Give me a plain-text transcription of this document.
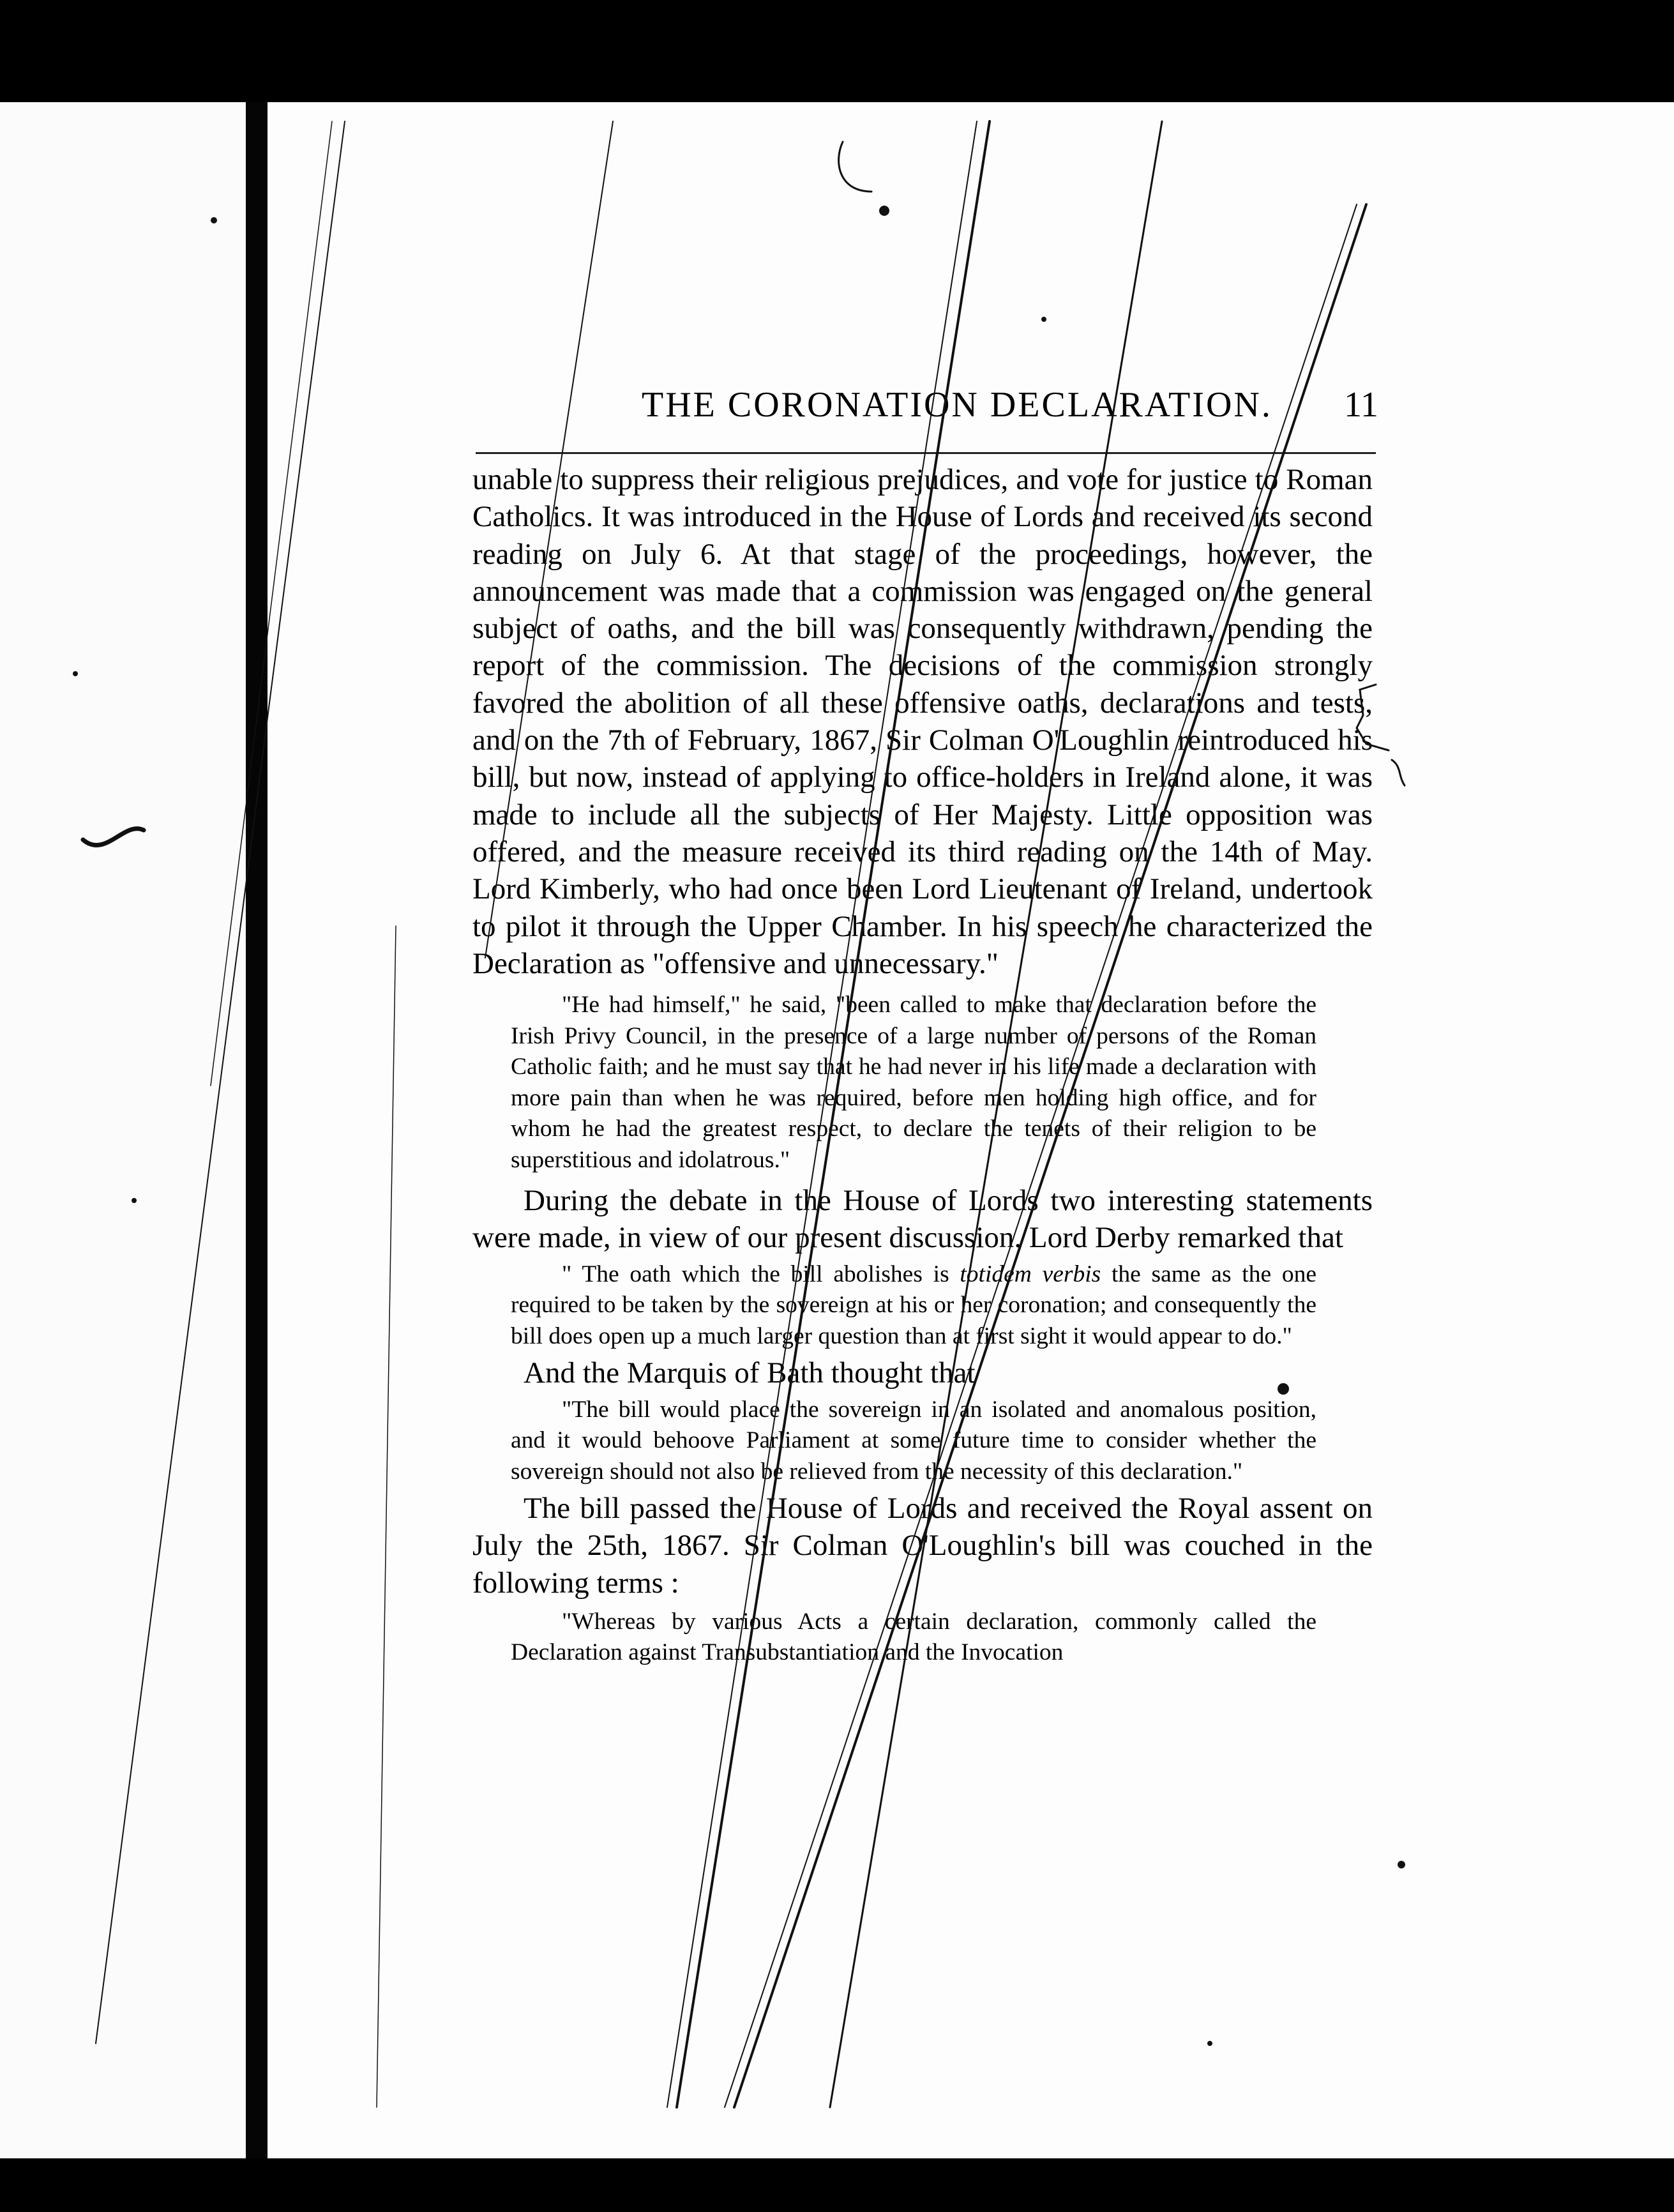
THE CORONATION DECLARATION. 11

unable to suppress their religious prejudices, and vote for justice to Roman Catholics. It was introduced in the House of Lords and received its second reading on July 6. At that stage of the proceedings, however, the announcement was made that a commission was engaged on the general subject of oaths, and the bill was consequently withdrawn, pending the report of the commission. The decisions of the commission strongly favored the abolition of all these offensive oaths, declarations and tests, and on the 7th of February, 1867, Sir Colman O'Loughlin reintroduced his bill, but now, instead of applying to office-holders in Ireland alone, it was made to include all the subjects of Her Majesty. Little opposition was offered, and the measure received its third reading on the 14th of May. Lord Kimberly, who had once been Lord Lieutenant of Ireland, undertook to pilot it through the Upper Chamber. In his speech he characterized the Declaration as "offensive and unnecessary."

"He had himself," he said, "been called to make that declaration before the Irish Privy Council, in the presence of a large number of persons of the Roman Catholic faith; and he must say that he had never in his life made a declaration with more pain than when he was required, before men holding high office, and for whom he had the greatest respect, to declare the tenets of their religion to be superstitious and idolatrous."

During the debate in the House of Lords two interesting statements were made, in view of our present discussion. Lord Derby remarked that

" The oath which the bill abolishes is totidem verbis the same as the one required to be taken by the sovereign at his or her coronation; and consequently the bill does open up a much larger question than at first sight it would appear to do."

And the Marquis of Bath thought that

"The bill would place the sovereign in an isolated and anomalous position, and it would behoove Parliament at some future time to consider whether the sovereign should not also be relieved from the necessity of this declaration."

The bill passed the House of Lords and received the Royal assent on July the 25th, 1867. Sir Colman O'Loughlin's bill was couched in the following terms :

"Whereas by various Acts a certain declaration, commonly called the Declaration against Transubstantiation and the Invocation
